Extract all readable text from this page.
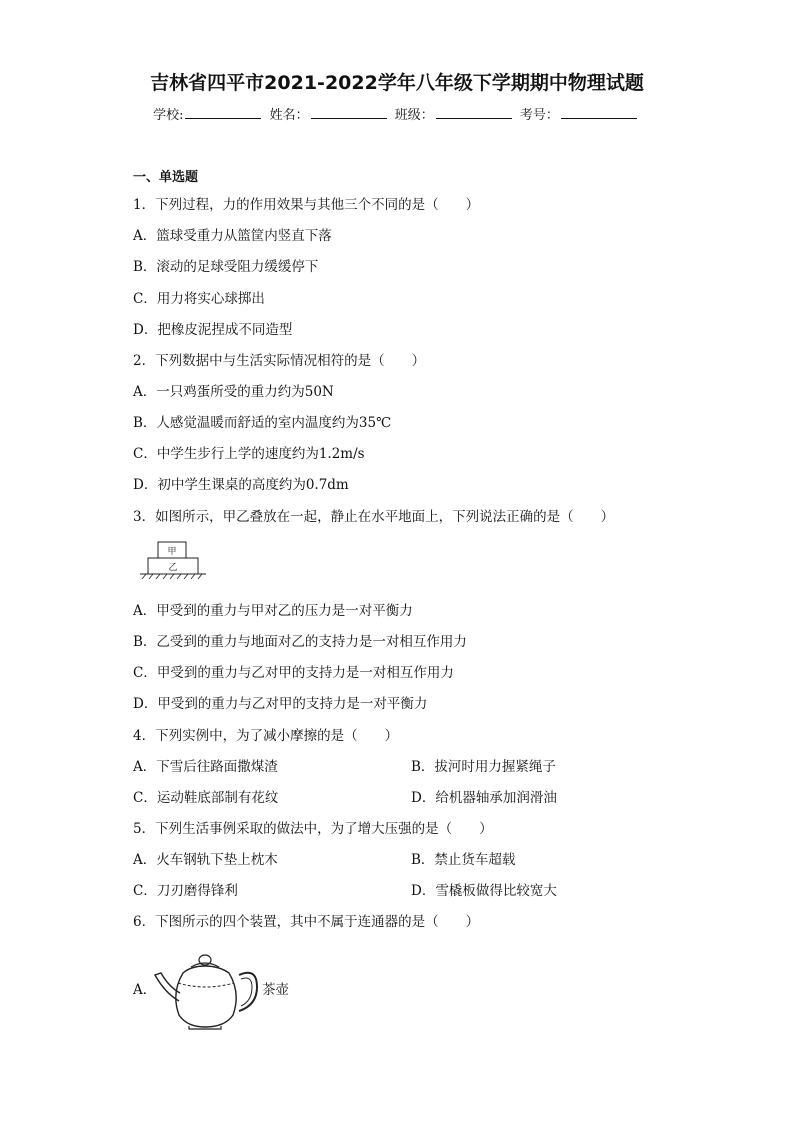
吉林省四平市2021-2022学年八年级下学期期中物理试题
学校:	姓名：	班级：	考号：
一、单选题
1．下列过程，力的作用效果与其他三个不同的是（　　）
A．篮球受重力从篮筐内竖直下落
B．滚动的足球受阻力缓缓停下
C．用力将实心球掷出
D．把橡皮泥捏成不同造型
2．下列数据中与生活实际情况相符的是（　　）
A．一只鸡蛋所受的重力约为50N
B．人感觉温暖而舒适的室内温度约为35℃
C．中学生步行上学的速度约为1.2m/s
D．初中学生课桌的高度约为0.7dm
3．如图所示，甲乙叠放在一起，静止在水平地面上，下列说法正确的是（　　）
甲
乙
A．甲受到的重力与甲对乙的压力是一对平衡力
B．乙受到的重力与地面对乙的支持力是一对相互作用力
C．甲受到的重力与乙对甲的支持力是一对相互作用力
D．甲受到的重力与乙对甲的支持力是一对平衡力
4．下列实例中，为了减小摩擦的是（　　）
A．下雪后往路面撒煤渣	B．拔河时用力握紧绳子
C．运动鞋底部制有花纹	D．给机器轴承加润滑油
5．下列生活事例采取的做法中，为了增大压强的是（　　）
A．火车钢轨下垫上枕木	B．禁止货车超载
C．刀刃磨得锋利	D．雪橇板做得比较宽大
6．下图所示的四个装置，其中不属于连通器的是（　　）
A．	茶壶
